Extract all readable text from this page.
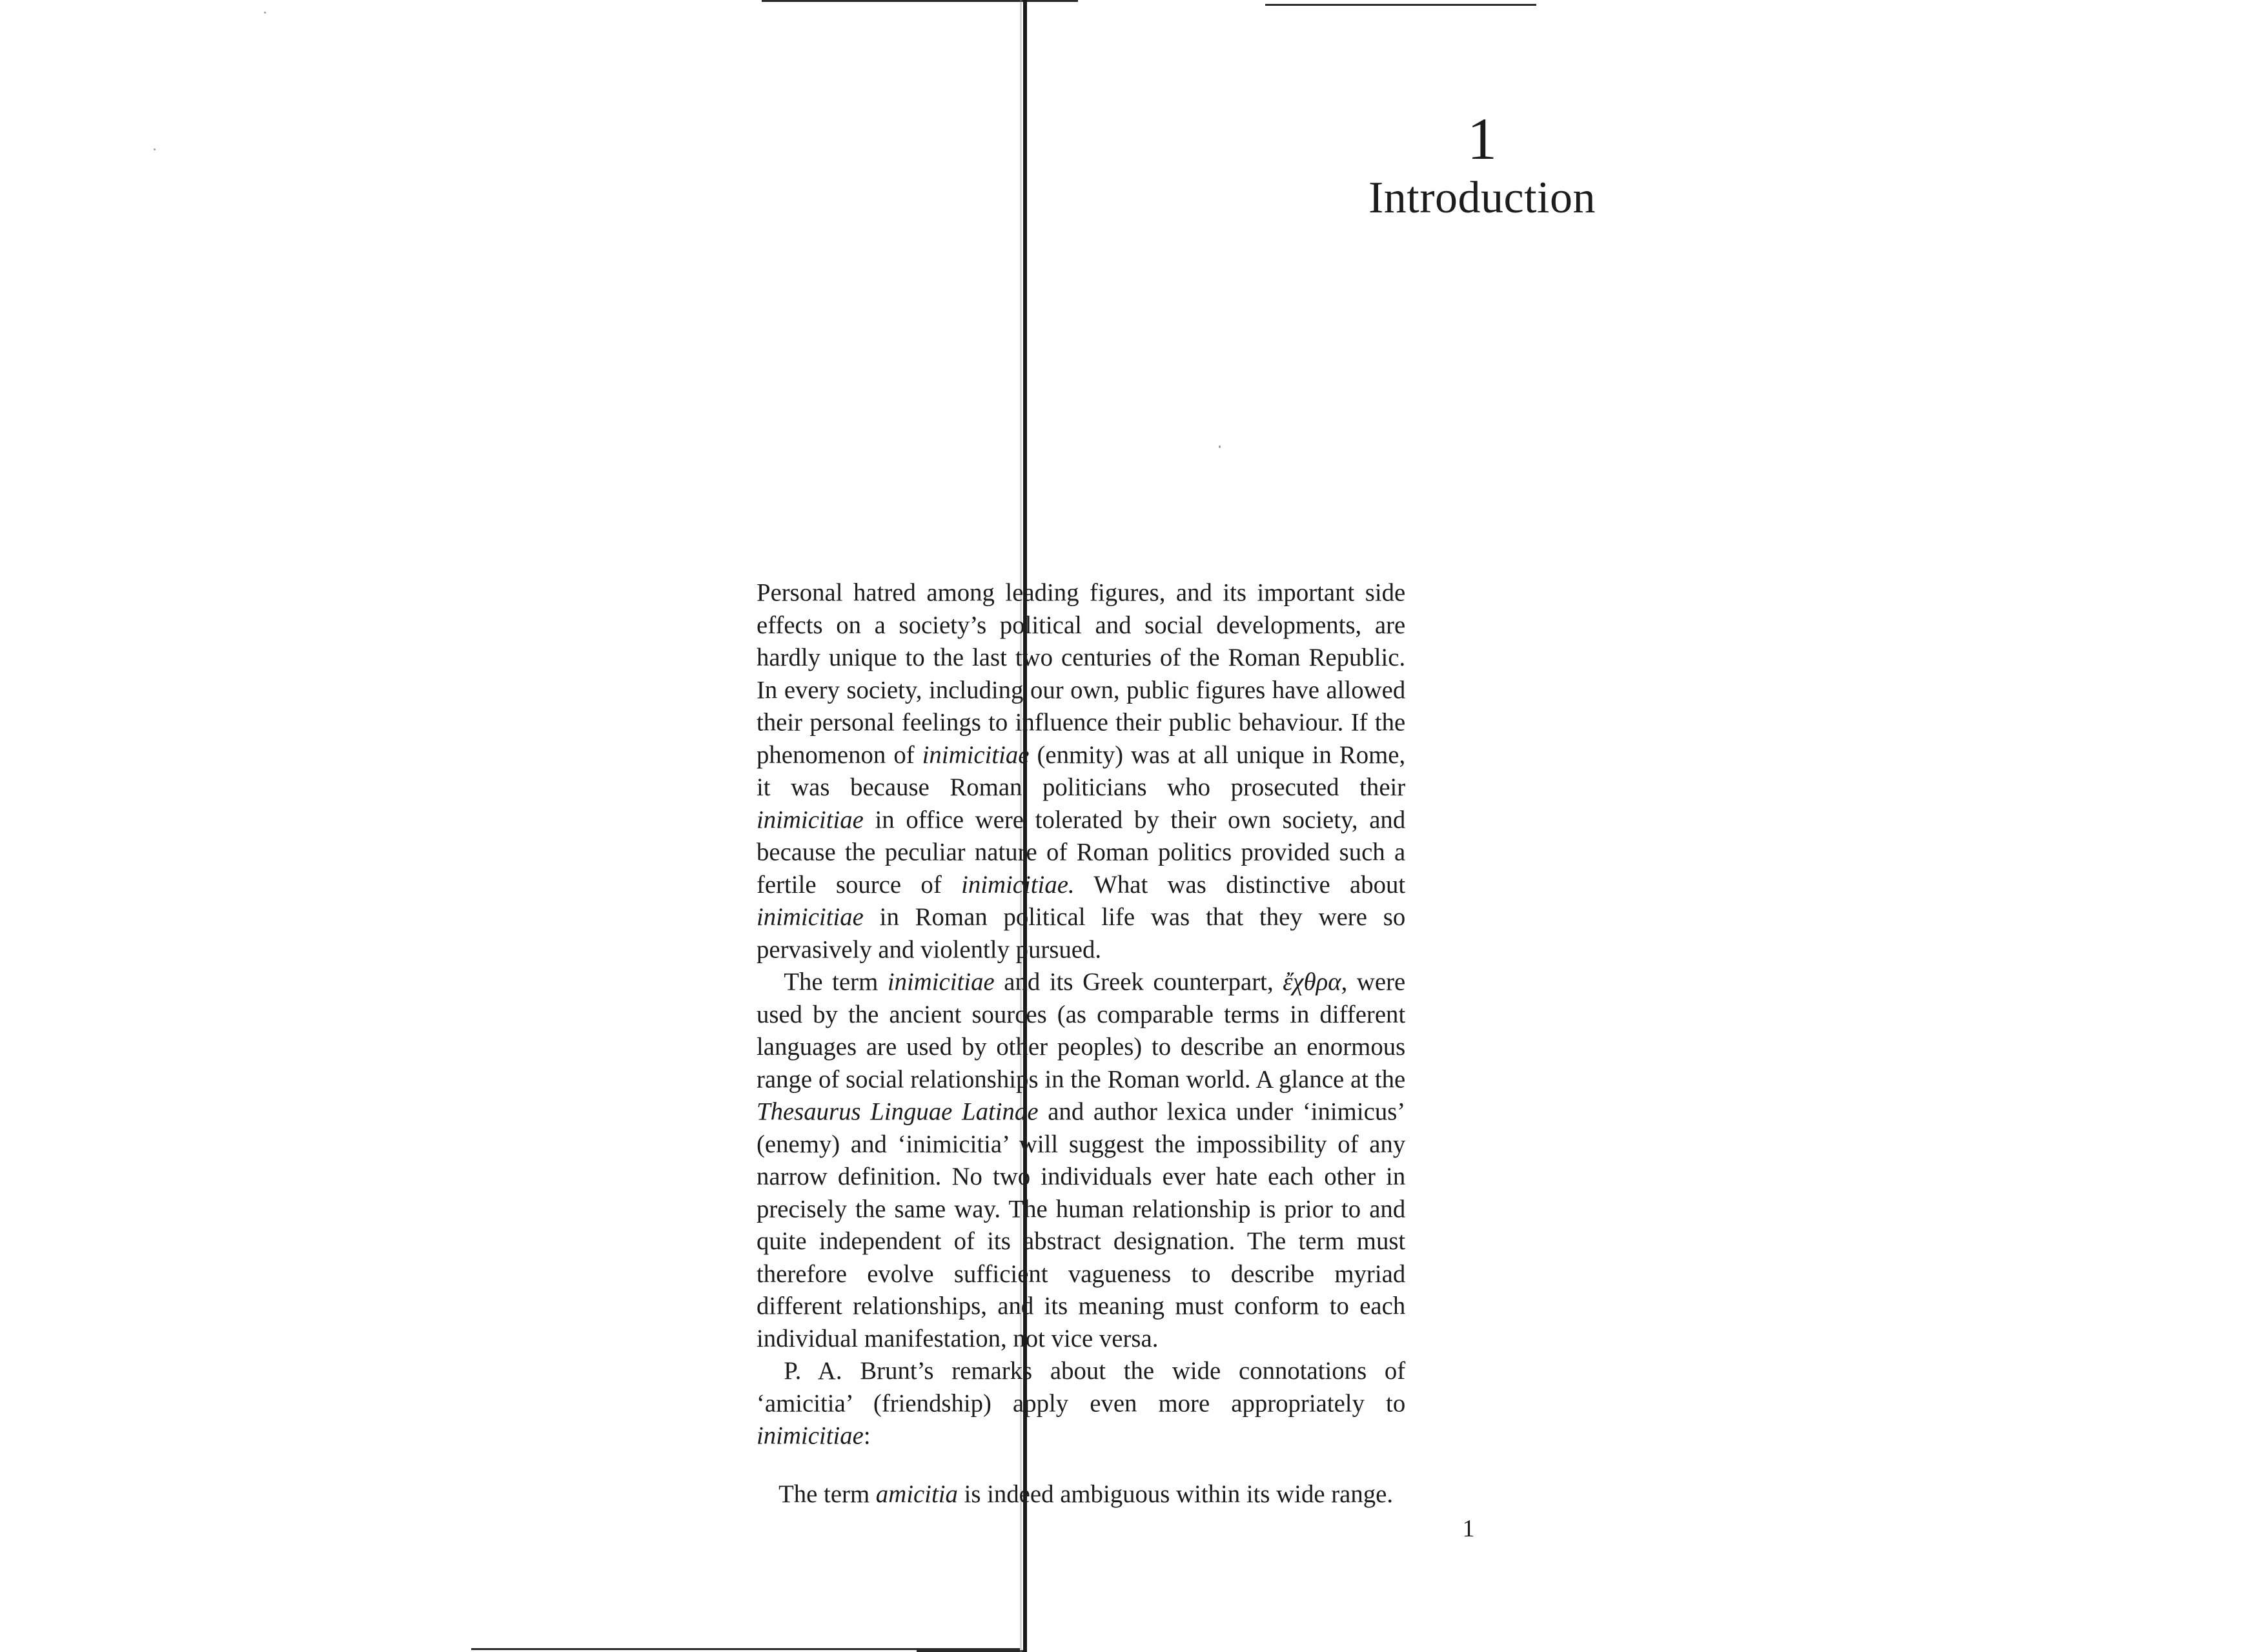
1
Introduction

Personal hatred among leading figures, and its important side effects on a society’s political and social developments, are hardly unique to the last two centuries of the Roman Republic. In every society, including our own, public figures have allowed their personal feelings to influence their public behaviour. If the phenomenon of inimicitiae (enmity) was at all unique in Rome, it was because Roman politicians who prosecuted their inimicitiae in office were tolerated by their own society, and because the peculiar nature of Roman politics provided such a fertile source of inimicitiae. What was distinctive about inimicitiae in Roman political life was that they were so pervasively and violently pursued.

The term inimicitiae and its Greek counterpart, ἔχθρα, were used by the ancient sources (as comparable terms in different languages are used by other peoples) to describe an enormous range of social relationships in the Roman world. A glance at the Thesaurus Linguae Latinae and author lexica under ‘inimicus’ (enemy) and ‘inimicitia’ will suggest the impossibility of any narrow definition. No two individuals ever hate each other in precisely the same way. The human relationship is prior to and quite independent of its abstract designation. The term must therefore evolve sufficient vagueness to describe myriad different relationships, and its meaning must conform to each individual manifestation, not vice versa.

P. A. Brunt’s remarks about the wide connotations of ‘amicitia’ (friendship) apply even more appropriately to inimicitiae:

The term amicitia is indeed ambiguous within its wide range.

1
